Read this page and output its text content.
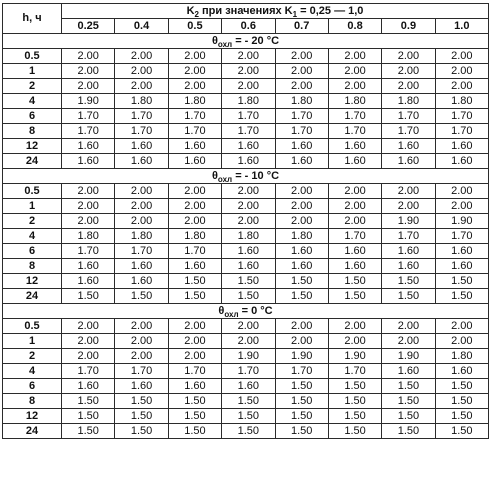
h, ч	$K_2$ при значениях $K_1 = 0,25$ — 1,0							
	0.25	0.4	0.5	0.6	0.7	0.8	0.9	1.0
$\theta_{охл}$ = - 20 °C								
0.5	2.00	2.00	2.00	2.00	2.00	2.00	2.00	2.00
1	2.00	2.00	2.00	2.00	2.00	2.00	2.00	2.00
2	2.00	2.00	2.00	2.00	2.00	2.00	2.00	2.00
4	1.90	1.80	1.80	1.80	1.80	1.80	1.80	1.80
6	1.70	1.70	1.70	1.70	1.70	1.70	1.70	1.70
8	1.70	1.70	1.70	1.70	1.70	1.70	1.70	1.70
12	1.60	1.60	1.60	1.60	1.60	1.60	1.60	1.60
24	1.60	1.60	1.60	1.60	1.60	1.60	1.60	1.60
$\theta_{охл}$ = - 10 °C								
0.5	2.00	2.00	2.00	2.00	2.00	2.00	2.00	2.00
1	2.00	2.00	2.00	2.00	2.00	2.00	2.00	2.00
2	2.00	2.00	2.00	2.00	2.00	2.00	1.90	1.90
4	1.80	1.80	1.80	1.80	1.80	1.70	1.70	1.70
6	1.70	1.70	1.70	1.60	1.60	1.60	1.60	1.60
8	1.60	1.60	1.60	1.60	1.60	1.60	1.60	1.60
12	1.60	1.60	1.50	1.50	1.50	1.50	1.50	1.50
24	1.50	1.50	1.50	1.50	1.50	1.50	1.50	1.50
$\theta_{охл} = 0$ °C								
0.5	2.00	2.00	2.00	2.00	2.00	2.00	2.00	2.00
1	2.00	2.00	2.00	2.00	2.00	2.00	2.00	2.00
2	2.00	2.00	2.00	1.90	1.90	1.90	1.90	1.80
4	1.70	1.70	1.70	1.70	1.70	1.70	1.60	1.60
6	1.60	1.60	1.60	1.60	1.50	1.50	1.50	1.50
8	1.50	1.50	1.50	1.50	1.50	1.50	1.50	1.50
12	1.50	1.50	1.50	1.50	1.50	1.50	1.50	1.50
24	1.50	1.50	1.50	1.50	1.50	1.50	1.50	1.50
